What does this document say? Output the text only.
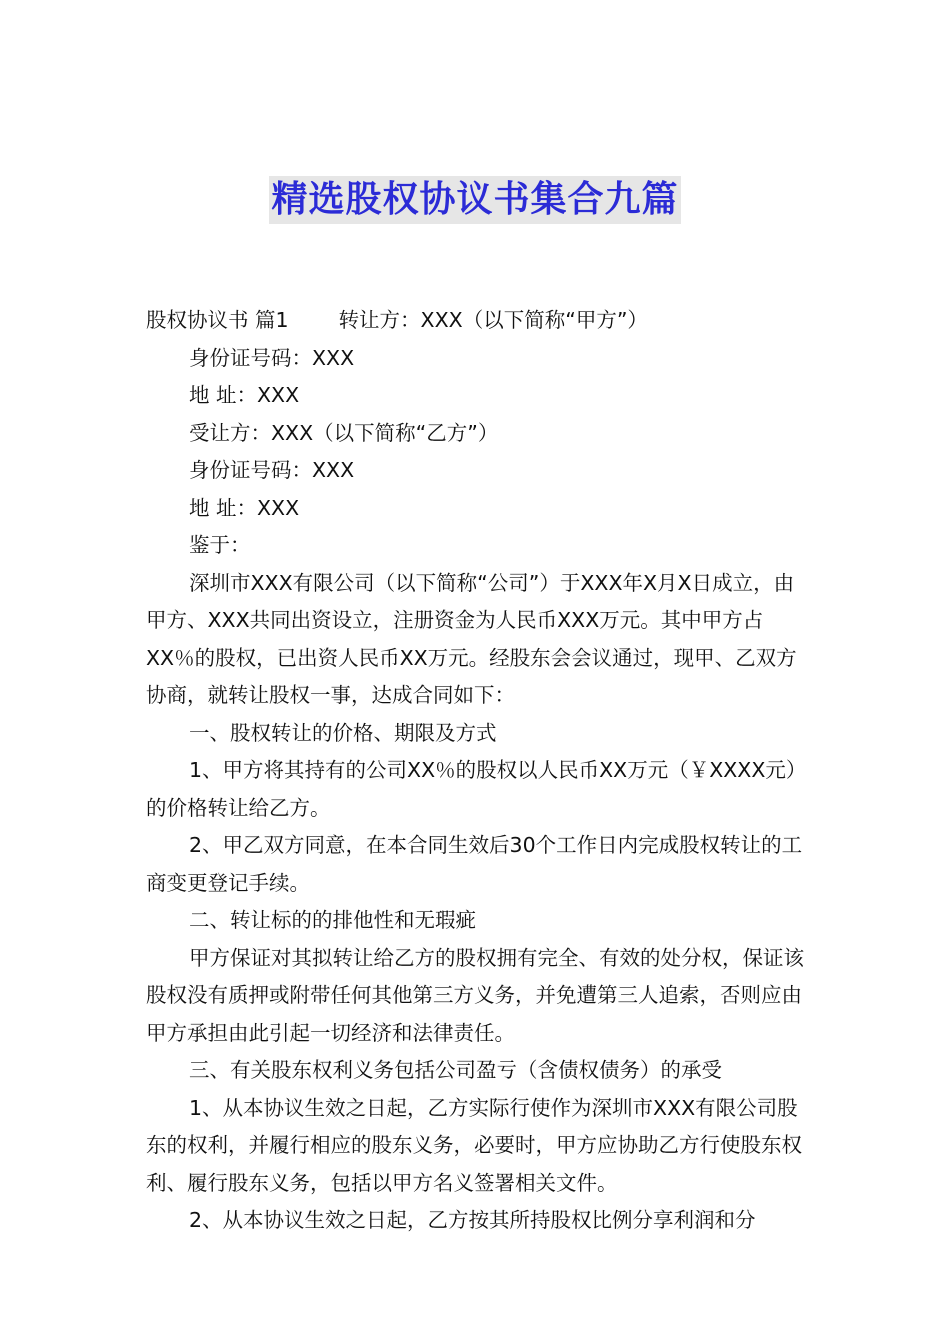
精选股权协议书集合九篇

股权协议书 篇1 转让方：XXX（以下简称“甲方”）

身份证号码：XXX

地 址：XXX

受让方：XXX（以下简称“乙方”）

身份证号码：XXX

地 址：XXX

鉴于：

深圳市XXX有限公司（以下简称“公司”）于XXX年X月X日成立，由甲方、XXX共同出资设立，注册资金为人民币XXX万元。其中甲方占XX％的股权，已出资人民币XX万元。经股东会会议通过，现甲、乙双方协商，就转让股权一事，达成合同如下：

一、股权转让的价格、期限及方式

1、甲方将其持有的公司XX％的股权以人民币XX万元（￥XXXX元）的价格转让给乙方。

2、甲乙双方同意，在本合同生效后30个工作日内完成股权转让的工商变更登记手续。

二、转让标的的排他性和无瑕疵

甲方保证对其拟转让给乙方的股权拥有完全、有效的处分权，保证该股权没有质押或附带任何其他第三方义务，并免遭第三人追索，否则应由甲方承担由此引起一切经济和法律责任。

三、有关股东权利义务包括公司盈亏（含债权债务）的承受

1、从本协议生效之日起，乙方实际行使作为深圳市XXX有限公司股东的权利，并履行相应的股东义务，必要时，甲方应协助乙方行使股东权利、履行股东义务，包括以甲方名义签署相关文件。

2、从本协议生效之日起，乙方按其所持股权比例分享利润和分
